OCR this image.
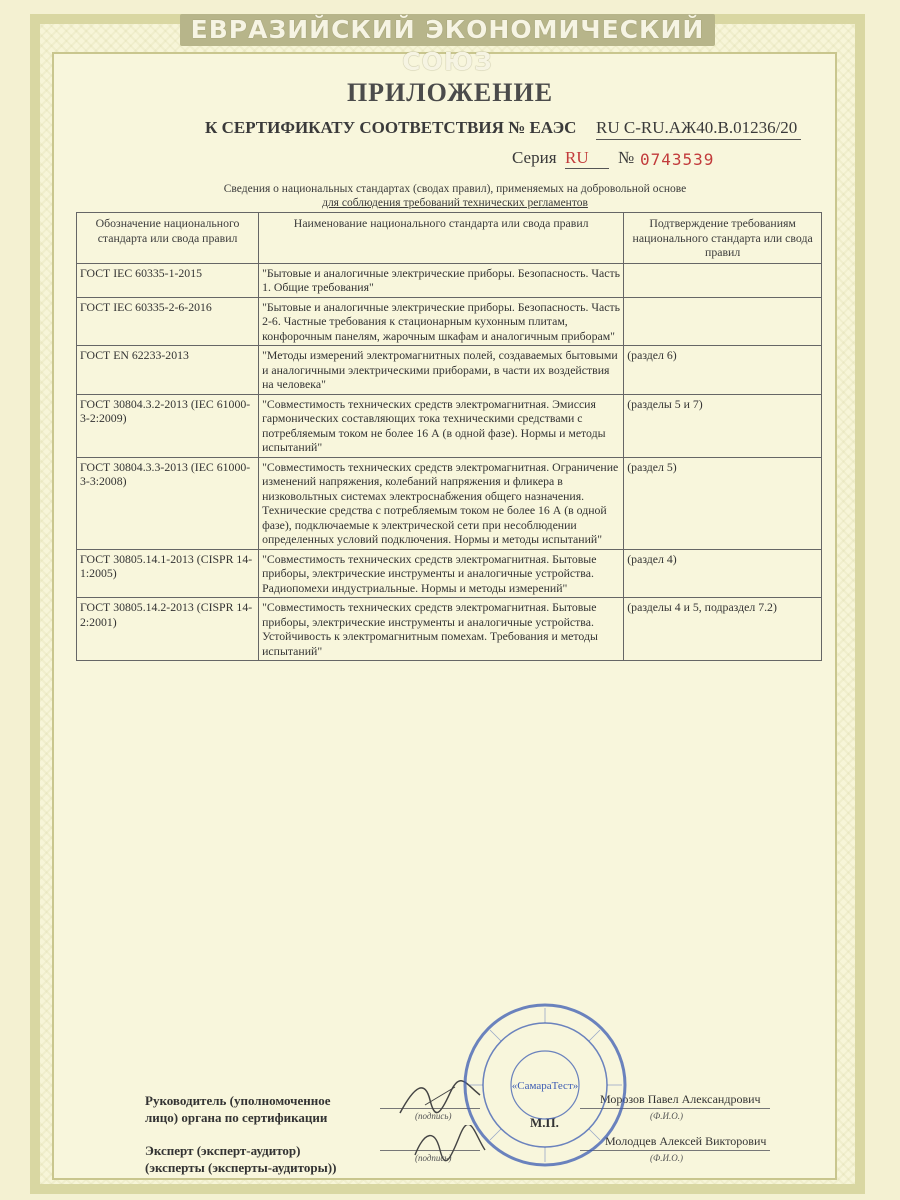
ЕВРАЗИЙСКИЙ ЭКОНОМИЧЕСКИЙ СОЮЗ
ПРИЛОЖЕНИЕ
К СЕРТИФИКАТУ СООТВЕТСТВИЯ № ЕАЭС RU C-RU.АЖ40.В.01236/20
Серия RU	№ 0743539
Сведения о национальных стандартах (сводах правил), применяемых на добровольной основе
для соблюдения требований технических регламентов
Обозначение национального стандарта или свода правил	Наименование национального стандарта или свода правил	Подтверждение требованиям национального стандарта или свода правил
ГОСТ IEC 60335-1-2015	"Бытовые и аналогичные электрические приборы. Безопасность. Часть 1. Общие требования"	
ГОСТ IEC 60335-2-6-2016	"Бытовые и аналогичные электрические приборы. Безопасность. Часть 2-6. Частные требования к стационарным кухонным плитам, конфорочным панелям, жарочным шкафам и аналогичным приборам"	
ГОСТ EN 62233-2013	"Методы измерений электромагнитных полей, создаваемых бытовыми и аналогичными электрическими приборами, в части их воздействия на человека"	(раздел 6)
ГОСТ 30804.3.2-2013 (IEC 61000-3-2:2009)	"Совместимость технических средств электромагнитная. Эмиссия гармонических составляющих тока техническими средствами с потребляемым током не более 16 А (в одной фазе). Нормы и методы испытаний"	(разделы 5 и 7)
ГОСТ 30804.3.3-2013 (IEC 61000-3-3:2008)	"Совместимость технических средств электромагнитная. Ограничение изменений напряжения, колебаний напряжения и фликера в низковольтных системах электроснабжения общего назначения. Технические средства с потребляемым током не более 16 А (в одной фазе), подключаемые к электрической сети при несоблюдении определенных условий подключения. Нормы и методы испытаний"	(раздел 5)
ГОСТ 30805.14.1-2013 (CISPR 14-1:2005)	"Совместимость технических средств электромагнитная. Бытовые приборы, электрические инструменты и аналогичные устройства. Радиопомехи индустриальные. Нормы и методы измерений"	(раздел 4)
ГОСТ 30805.14.2-2013 (CISPR 14-2:2001)	"Совместимость технических средств электромагнитная. Бытовые приборы, электрические инструменты и аналогичные устройства. Устойчивость к электромагнитным помехам. Требования и методы испытаний"	(разделы 4 и 5, подраздел 7.2)
Руководитель (уполномоченное
лицо) органа по сертификации	(подпись)
Морозов Павел Александрович
(Ф.И.О.)
М.П.
Эксперт (эксперт-аудитор)
(эксперты (эксперты-аудиторы))
(подпись)
Молодцев Алексей Викторович
(Ф.И.О.)
«СамараТест»
